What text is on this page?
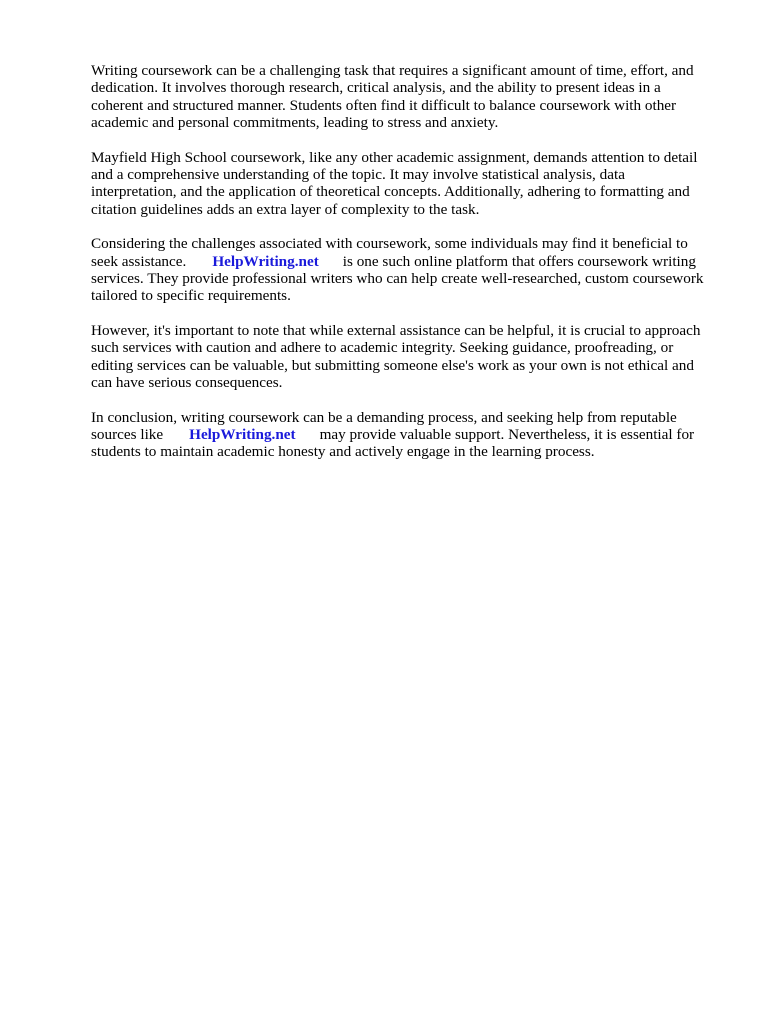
Writing coursework can be a challenging task that requires a significant amount of time, effort, and
dedication. It involves thorough research, critical analysis, and the ability to present ideas in a
coherent and structured manner. Students often find it difficult to balance coursework with other
academic and personal commitments, leading to stress and anxiety.

Mayfield High School coursework, like any other academic assignment, demands attention to detail
and a comprehensive understanding of the topic. It may involve statistical analysis, data
interpretation, and the application of theoretical concepts. Additionally, adhering to formatting and
citation guidelines adds an extra layer of complexity to the task.

Considering the challenges associated with coursework, some individuals may find it beneficial to
seek assistance. HelpWriting.net is one such online platform that offers coursework writing
services. They provide professional writers who can help create well-researched, custom coursework
tailored to specific requirements.

However, it's important to note that while external assistance can be helpful, it is crucial to approach
such services with caution and adhere to academic integrity. Seeking guidance, proofreading, or
editing services can be valuable, but submitting someone else's work as your own is not ethical and
can have serious consequences.

In conclusion, writing coursework can be a demanding process, and seeking help from reputable
sources like HelpWriting.net may provide valuable support. Nevertheless, it is essential for
students to maintain academic honesty and actively engage in the learning process.
